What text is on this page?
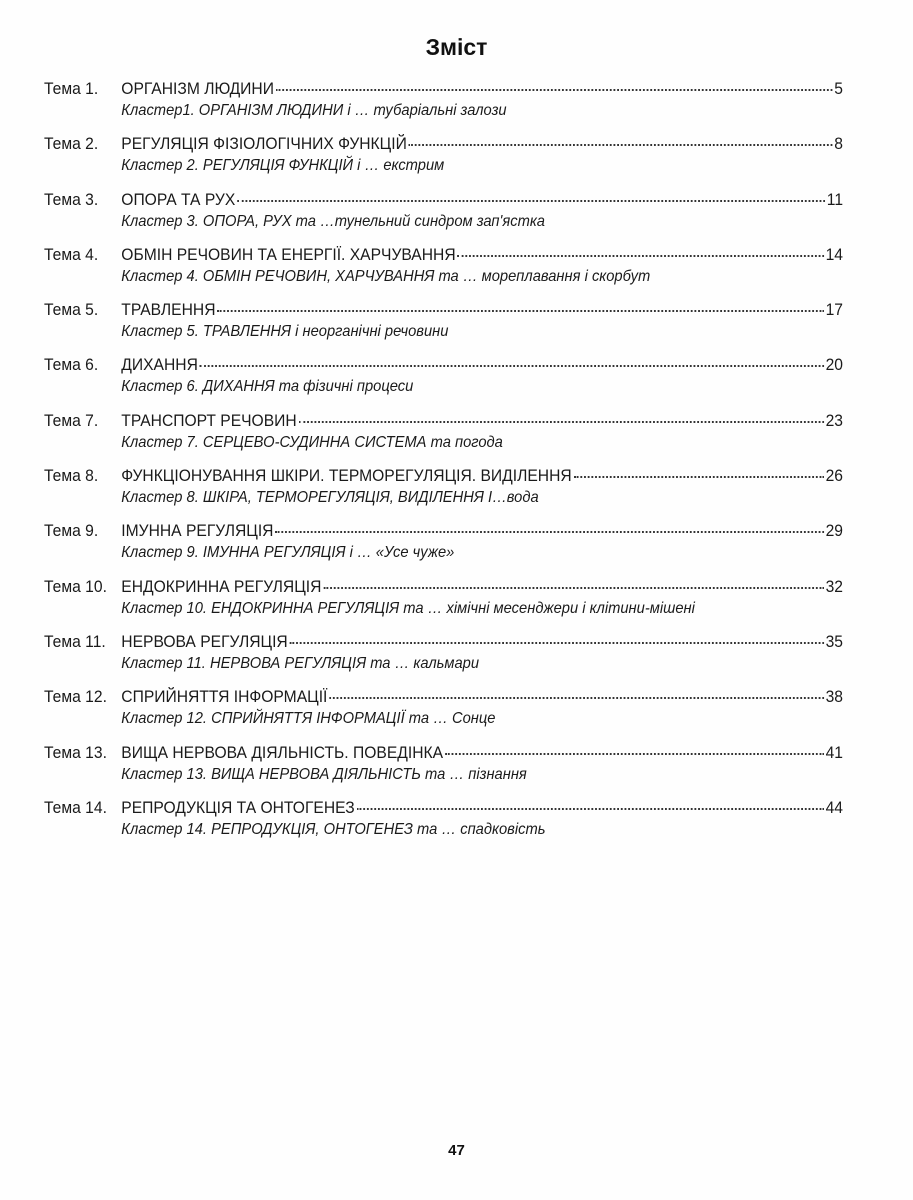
Зміст
Тема 1.	ОРГАНІЗМ ЛЮДИНИ	5
Кластер1. ОРГАНІЗМ ЛЮДИНИ і … тубаріальні залози
Тема 2.	РЕГУЛЯЦІЯ ФІЗІОЛОГІЧНИХ ФУНКЦІЙ	8
Кластер 2. РЕГУЛЯЦІЯ ФУНКЦІЙ і … екстрим
Тема 3.	ОПОРА ТА РУХ	11
Кластер 3. ОПОРА, РУХ та …тунельний синдром зап'ястка
Тема 4.	ОБМІН РЕЧОВИН ТА ЕНЕРГІЇ. ХАРЧУВАННЯ	14
Кластер 4. ОБМІН РЕЧОВИН, ХАРЧУВАННЯ та … мореплавання і скорбут
Тема 5.	ТРАВЛЕННЯ	17
Кластер 5. ТРАВЛЕННЯ і неорганічні речовини
Тема 6.	ДИХАННЯ	20
Кластер 6. ДИХАННЯ та фізичні процеси
Тема 7.	ТРАНСПОРТ РЕЧОВИН	23
Кластер 7. СЕРЦЕВО-СУДИННА СИСТЕМА та погода
Тема 8.	ФУНКЦІОНУВАННЯ ШКІРИ. ТЕРМОРЕГУЛЯЦІЯ. ВИДІЛЕННЯ	26
Кластер 8. ШКІРА, ТЕРМОРЕГУЛЯЦІЯ, ВИДІЛЕННЯ І…вода
Тема 9.	ІМУННА РЕГУЛЯЦІЯ	29
Кластер 9. ІМУННА РЕГУЛЯЦІЯ і … «Усе чуже»
Тема 10. ЕНДОКРИННА РЕГУЛЯЦІЯ	32
Кластер 10. ЕНДОКРИННА РЕГУЛЯЦІЯ та … хімічні месенджери і клітини-мішені
Тема 11. НЕРВОВА РЕГУЛЯЦІЯ	35
Кластер 11. НЕРВОВА РЕГУЛЯЦІЯ та … кальмари
Тема 12. СПРИЙНЯТТЯ ІНФОРМАЦІЇ	38
Кластер 12. СПРИЙНЯТТЯ ІНФОРМАЦІЇ та … Сонце
Тема 13. ВИЩА НЕРВОВА ДІЯЛЬНІСТЬ. ПОВЕДІНКА	41
Кластер 13. ВИЩА НЕРВОВА ДІЯЛЬНІСТЬ та … пізнання
Тема 14. РЕПРОДУКЦІЯ ТА ОНТОГЕНЕЗ	44
Кластер 14. РЕПРОДУКЦІЯ, ОНТОГЕНЕЗ та … спадковість
47
